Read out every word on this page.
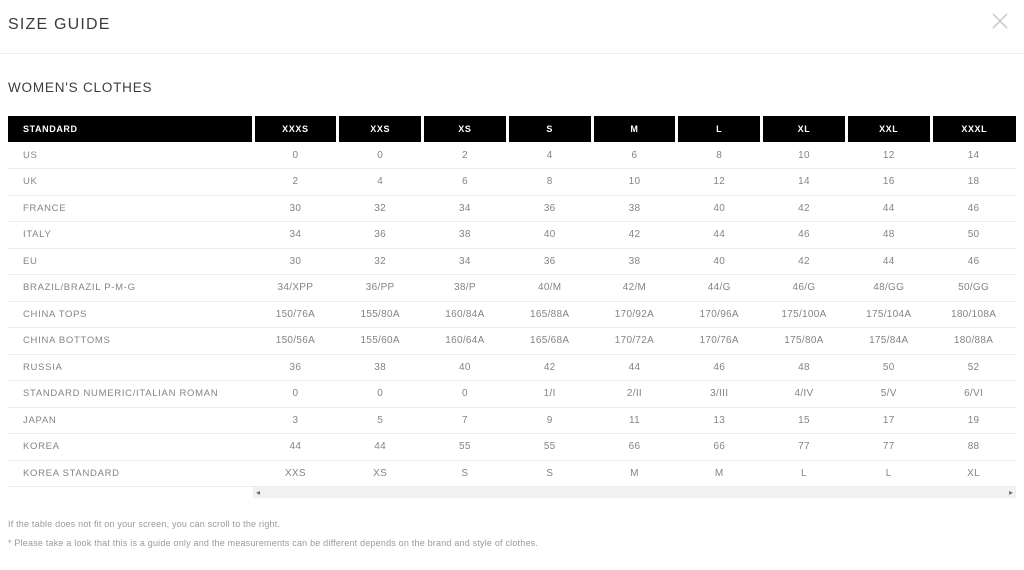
SIZE GUIDE
WOMEN'S CLOTHES
STANDARD	XXXS	XXS	XS	S	M	L	XL	XXL	XXXL
US	0	0	2	4	6	8	10	12	14
UK	2	4	6	8	10	12	14	16	18
FRANCE	30	32	34	36	38	40	42	44	46
ITALY	34	36	38	40	42	44	46	48	50
EU	30	32	34	36	38	40	42	44	46
BRAZIL/BRAZIL P-M-G	34/XPP	36/PP	38/P	40/M	42/M	44/G	46/G	48/GG	50/GG
CHINA TOPS	150/76A	155/80A	160/84A	165/88A	170/92A	170/96A	175/100A	175/104A	180/108A
CHINA BOTTOMS	150/56A	155/60A	160/64A	165/68A	170/72A	170/76A	175/80A	175/84A	180/88A
RUSSIA	36	38	40	42	44	46	48	50	52
STANDARD NUMERIC/ITALIAN ROMAN	0	0	0	1/I	2/II	3/III	4/IV	5/V	6/VI
JAPAN	3	5	7	9	11	13	15	17	19
KOREA	44	44	55	55	66	66	77	77	88
KOREA STANDARD	XXS	XS	S	S	M	M	L	L	XL
◂	▸
If the table does not fit on your screen, you can scroll to the right.
* Please take a look that this is a guide only and the measurements can be different depends on the brand and style of clothes.
